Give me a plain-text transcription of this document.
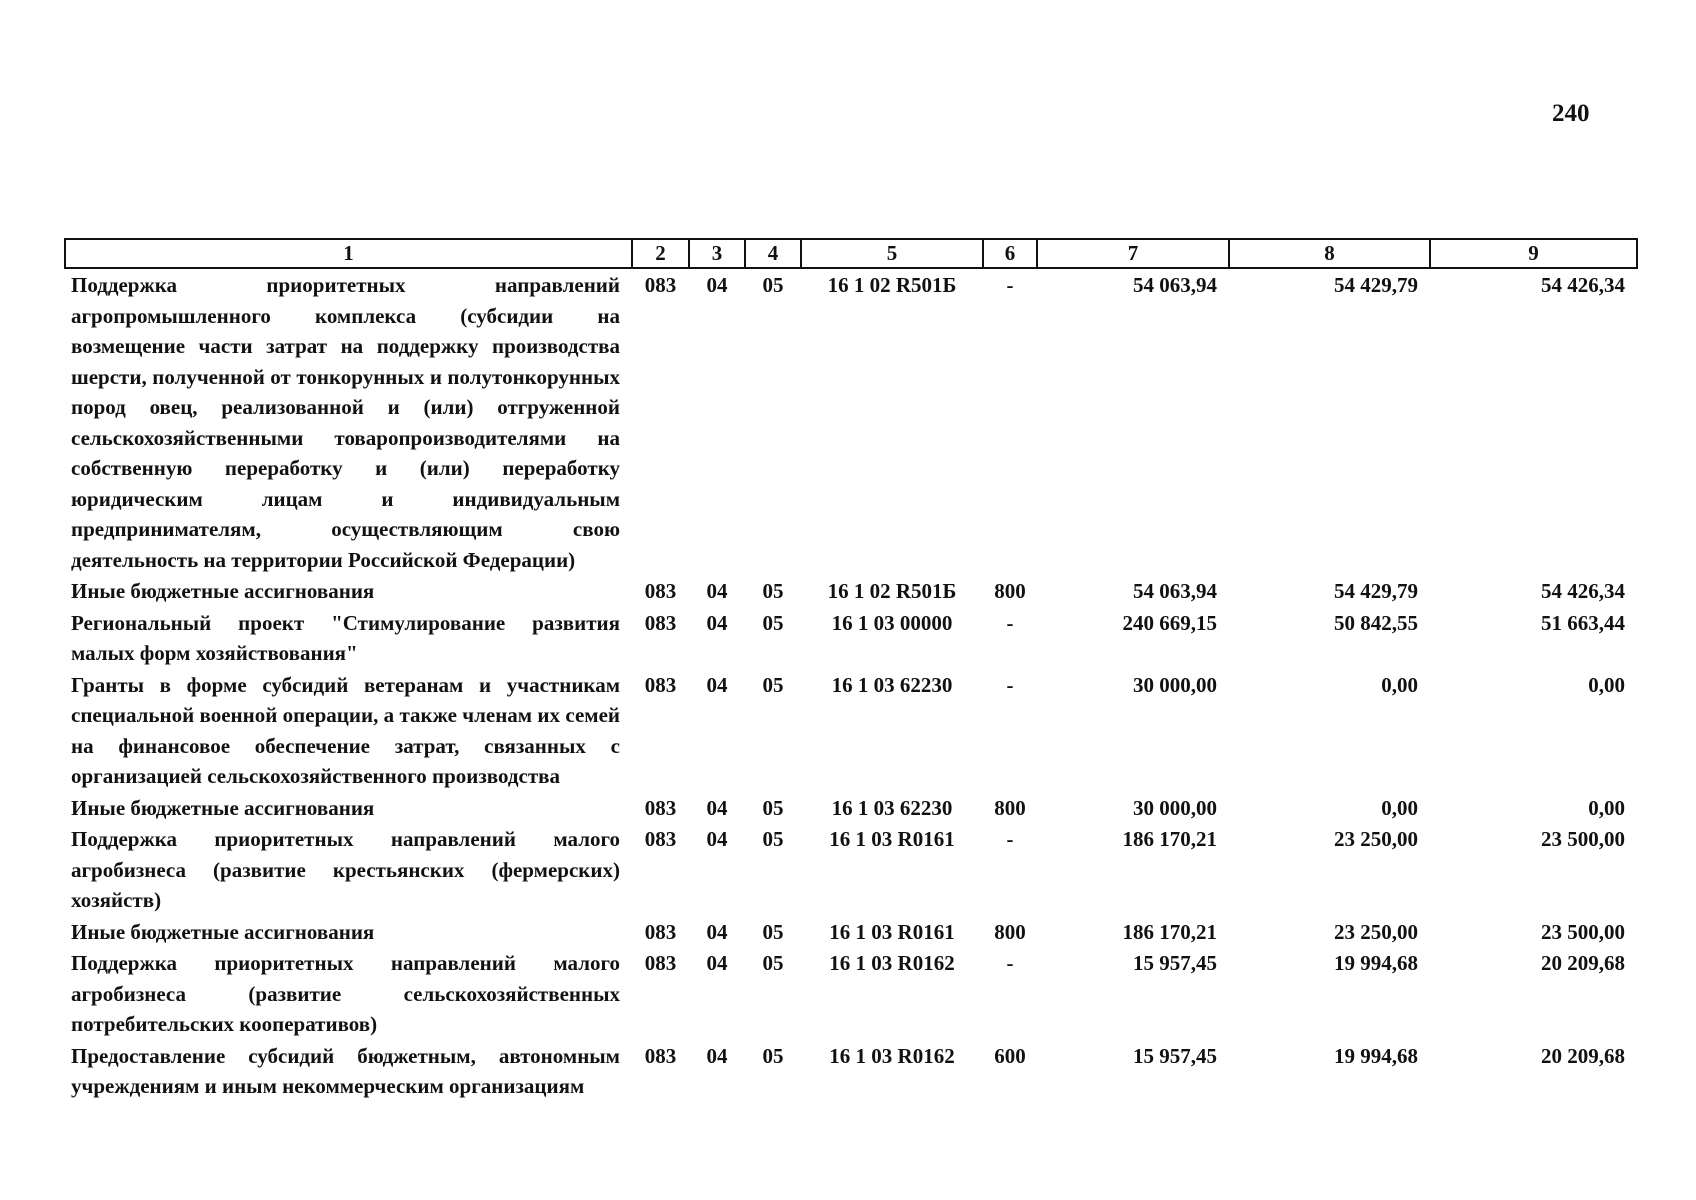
240
1	2	3	4	5	6	7	8	9
Поддержка приоритетных направлений агропромышленного комплекса (субсидии на возмещение части затрат на поддержку производства шерсти, полученной от тонкорунных и полутонкорунных пород овец, реализованной и (или) отгруженной сельскохозяйственными товаропроизводителями на собственную переработку и (или) переработку юридическим лицам и индивидуальным предпринимателям, осуществляющим свою деятельность на территории Российской Федерации)	083	04	05	16 1 02 R501Б	-	54 063,94	54 429,79	54 426,34
Иные бюджетные ассигнования	083	04	05	16 1 02 R501Б	800	54 063,94	54 429,79	54 426,34
Региональный проект "Стимулирование развития малых форм хозяйствования"	083	04	05	16 1 03 00000	-	240 669,15	50 842,55	51 663,44
Гранты в форме субсидий ветеранам и участникам специальной военной операции, а также членам их семей на финансовое обеспечение затрат, связанных с организацией сельскохозяйственного производства	083	04	05	16 1 03 62230	-	30 000,00	0,00	0,00
Иные бюджетные ассигнования	083	04	05	16 1 03 62230	800	30 000,00	0,00	0,00
Поддержка приоритетных направлений малого агробизнеса (развитие крестьянских (фермерских) хозяйств)	083	04	05	16 1 03 R0161	-	186 170,21	23 250,00	23 500,00
Иные бюджетные ассигнования	083	04	05	16 1 03 R0161	800	186 170,21	23 250,00	23 500,00
Поддержка приоритетных направлений малого агробизнеса (развитие сельскохозяйственных потребительских кооперативов)	083	04	05	16 1 03 R0162	-	15 957,45	19 994,68	20 209,68
Предоставление субсидий бюджетным, автономным учреждениям и иным некоммерческим организациям	083	04	05	16 1 03 R0162	600	15 957,45	19 994,68	20 209,68
